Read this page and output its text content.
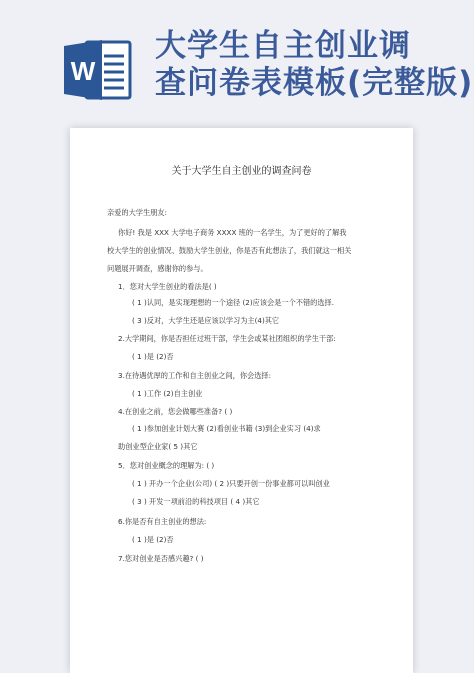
W
大学生自主创业调
查问卷表模板(完整版)
关于大学生自主创业的调查问卷
亲爱的大学生朋友:
你好! 我是 XXX 大学电子商务 XXXX 班的一名学生，为了更好的了解我
校大学生的创业情况、鼓励大学生创业，你是否有此想法了，我们就这一相关
问题展开调查，感谢你的参与。
1．您对大学生创业的看法是( )
( 1 )认同，是实现理想的一个途径 (2)应该会是一个不错的选择.
( 3 )反对，大学生还是应该以学习为主(4)其它
2.大学期间，你是否担任过班干部，学生会或某社团组织的学生干部:
( 1 )是 (2)否
3.在待遇优厚的工作和自主创业之间，你会选择:
( 1 )工作 (2)自主创业
4.在创业之前，您会做哪些准备? ( )
( 1 )参加创业计划大赛 (2)看创业书籍 (3)到企业实习 (4)求
助创业型企业家( 5 )其它
5．您对创业概念的理解为: ( )
( 1 ) 开办一个企业(公司) ( 2 )只要开创一份事业都可以叫创业
( 3 ) 开发一项前沿的科技项目 ( 4 )其它
6.你是否有自主创业的想法:
( 1 )是 (2)否
7.您对创业是否感兴趣? ( )
